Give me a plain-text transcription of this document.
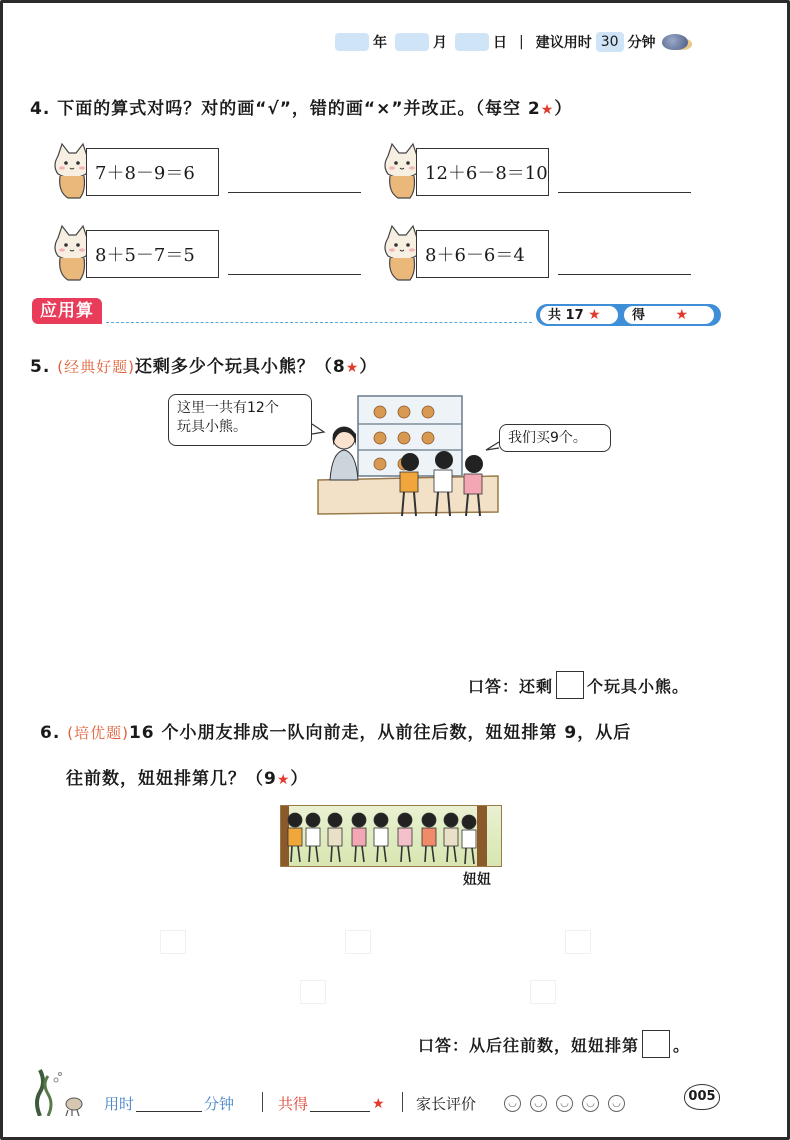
年	月	日 | 建议用时 30 分钟
4. 下面的算式对吗？对的画“√”，错的画“×”并改正。（每空 2★）
7＋8－9＝6	12＋6－8＝10
8＋5－7＝5	8＋6－6＝4
应用算	共 17 ★	得 ★
5. (经典好题)还剩多少个玩具小熊？（8★）
这里一共有12个
玩具小熊。
我们买9个。
口答：还剩 个玩具小熊。
6. (培优题)16 个小朋友排成一队向前走，从前往后数，妞妞排第 9，从后
往前数，妞妞排第几？（9★）
妞妞
口答：从后往前数，妞妞排第 。
用时	分钟	共得	★ 家长评价	◡	◡	◡	◡	◡	005
